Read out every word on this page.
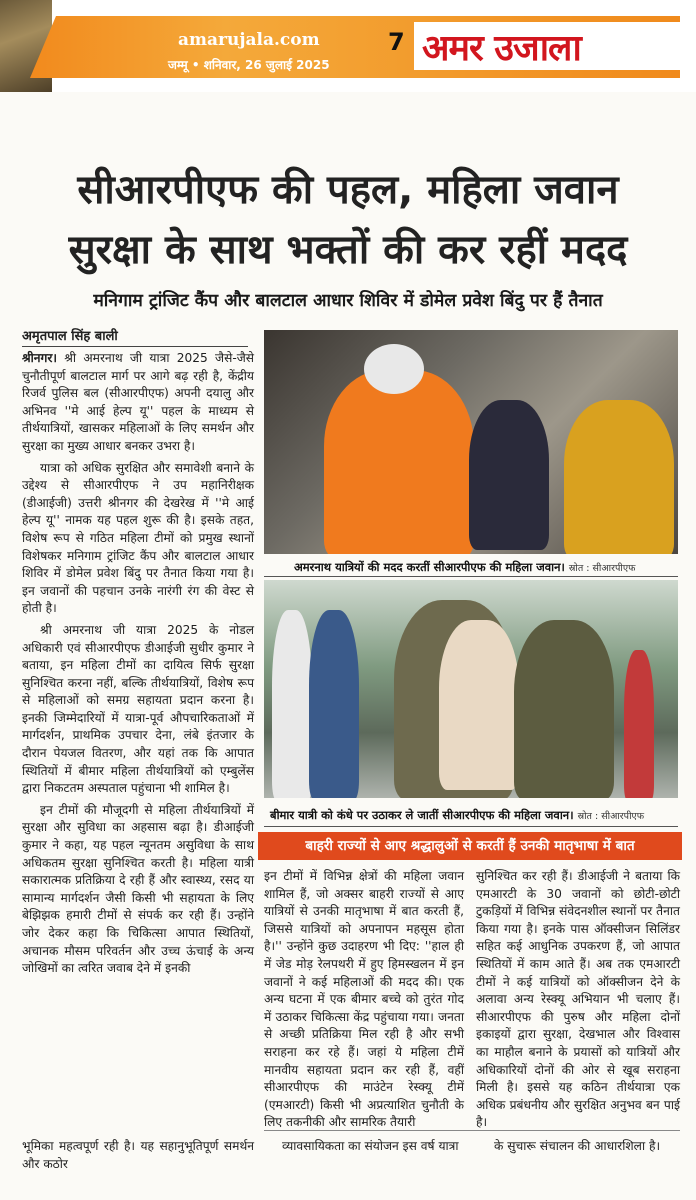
amarujala.com
जम्मू • शनिवार, 26 जुलाई 2025
7 अमर उजाला
सीआरपीएफ की पहल, महिला जवान
सुरक्षा के साथ भक्तों की कर रहीं मदद
मनिगाम ट्रांजिट कैंप और बालटाल आधार शिविर में डोमेल प्रवेश बिंदु पर हैं तैनात
अमृतपाल सिंह बाली

श्रीनगर। श्री अमरनाथ जी यात्रा 2025 जैसे-जैसे चुनौतीपूर्ण बालटाल मार्ग पर आगे बढ़ रही है, केंद्रीय रिजर्व पुलिस बल (सीआरपीएफ) अपनी दयालु और अभिनव ''मे आई हेल्प यू'' पहल के माध्यम से तीर्थयात्रियों, खासकर महिलाओं के लिए समर्थन और सुरक्षा का मुख्य आधार बनकर उभरा है।

यात्रा को अधिक सुरक्षित और समावेशी बनाने के उद्देश्य से सीआरपीएफ ने उप महानिरीक्षक (डीआईजी) उत्तरी श्रीनगर की देखरेख में ''मे आई हेल्प यू'' नामक यह पहल शुरू की है। इसके तहत, विशेष रूप से गठित महिला टीमों को प्रमुख स्थानों विशेषकर मनिगाम ट्रांजिट कैंप और बालटाल आधार शिविर में डोमेल प्रवेश बिंदु पर तैनात किया गया है। इन जवानों की पहचान उनके नारंगी रंग की वेस्ट से होती है।

श्री अमरनाथ जी यात्रा 2025 के नोडल अधिकारी एवं सीआरपीएफ डीआईजी सुधीर कुमार ने बताया, इन महिला टीमों का दायित्व सिर्फ सुरक्षा सुनिश्चित करना नहीं, बल्कि तीर्थयात्रियों, विशेष रूप से महिलाओं को समग्र सहायता प्रदान करना है। इनकी जिम्मेदारियों में यात्रा-पूर्व औपचारिकताओं में मार्गदर्शन, प्राथमिक उपचार देना, लंबे इंतजार के दौरान पेयजल वितरण, और यहां तक कि आपात स्थितियों में बीमार महिला तीर्थयात्रियों को एम्बुलेंस द्वारा निकटतम अस्पताल पहुंचाना भी शामिल है।

इन टीमों की मौजूदगी से महिला तीर्थयात्रियों में सुरक्षा और सुविधा का अहसास बढ़ा है। डीआईजी कुमार ने कहा, यह पहल न्यूनतम असुविधा के साथ अधिकतम सुरक्षा सुनिश्चित करती है। महिला यात्री सकारात्मक प्रतिक्रिया दे रही हैं और स्वास्थ्य, रसद या सामान्य मार्गदर्शन जैसी किसी भी सहायता के लिए बेझिझक हमारी टीमों से संपर्क कर रही हैं। उन्होंने जोर देकर कहा कि चिकित्सा आपात स्थितियों, अचानक मौसम परिवर्तन और उच्च ऊंचाई के अन्य जोखिमों का त्वरित जवाब देने में इनकी

अमरनाथ यात्रियों की मदद करतीं सीआरपीएफ की महिला जवान। स्रोत : सीआरपीएफ
बीमार यात्री को कंधे पर उठाकर ले जातीं सीआरपीएफ की महिला जवान। स्रोत : सीआरपीएफ
बाहरी राज्यों से आए श्रद्धालुओं से करतीं हैं उनकी मातृभाषा में बात

इन टीमों में विभिन्न क्षेत्रों की महिला जवान शामिल हैं, जो अक्सर बाहरी राज्यों से आए यात्रियों से उनकी मातृभाषा में बात करती हैं, जिससे यात्रियों को अपनापन महसूस होता है।'' उन्होंने कुछ उदाहरण भी दिए: ''हाल ही में जेड मोड़ रेलपथरी में हुए हिमस्खलन में इन जवानों ने कई महिलाओं की मदद की। एक अन्य घटना में एक बीमार बच्चे को तुरंत गोद में उठाकर चिकित्सा केंद्र पहुंचाया गया। जनता से अच्छी प्रतिक्रिया मिल रही है और सभी सराहना कर रहे हैं। जहां ये महिला टीमें मानवीय सहायता प्रदान कर रही हैं, वहीं सीआरपीएफ की माउंटेन रेस्क्यू टीमें (एमआरटी) किसी भी अप्रत्याशित चुनौती के लिए तकनीकी और सामरिक तैयारी

सुनिश्चित कर रही हैं। डीआईजी ने बताया कि एमआरटी के 30 जवानों को छोटी-छोटी टुकड़ियों में विभिन्न संवेदनशील स्थानों पर तैनात किया गया है। इनके पास ऑक्सीजन सिलिंडर सहित कई आधुनिक उपकरण हैं, जो आपात स्थितियों में काम आते हैं। अब तक एमआरटी टीमों ने कई यात्रियों को ऑक्सीजन देने के अलावा अन्य रेस्क्यू अभियान भी चलाए हैं। सीआरपीएफ की पुरुष और महिला दोनों इकाइयों द्वारा सुरक्षा, देखभाल और विश्वास का माहौल बनाने के प्रयासों को यात्रियों और अधिकारियों दोनों की ओर से खूब सराहना मिली है। इससे यह कठिन तीर्थयात्रा एक अधिक प्रबंधनीय और सुरक्षित अनुभव बन पाई है।

भूमिका महत्वपूर्ण रही है। यह सहानुभूतिपूर्ण समर्थन और कठोर

व्यावसायिकता का संयोजन इस वर्ष यात्रा	के सुचारू संचालन की आधारशिला है।
